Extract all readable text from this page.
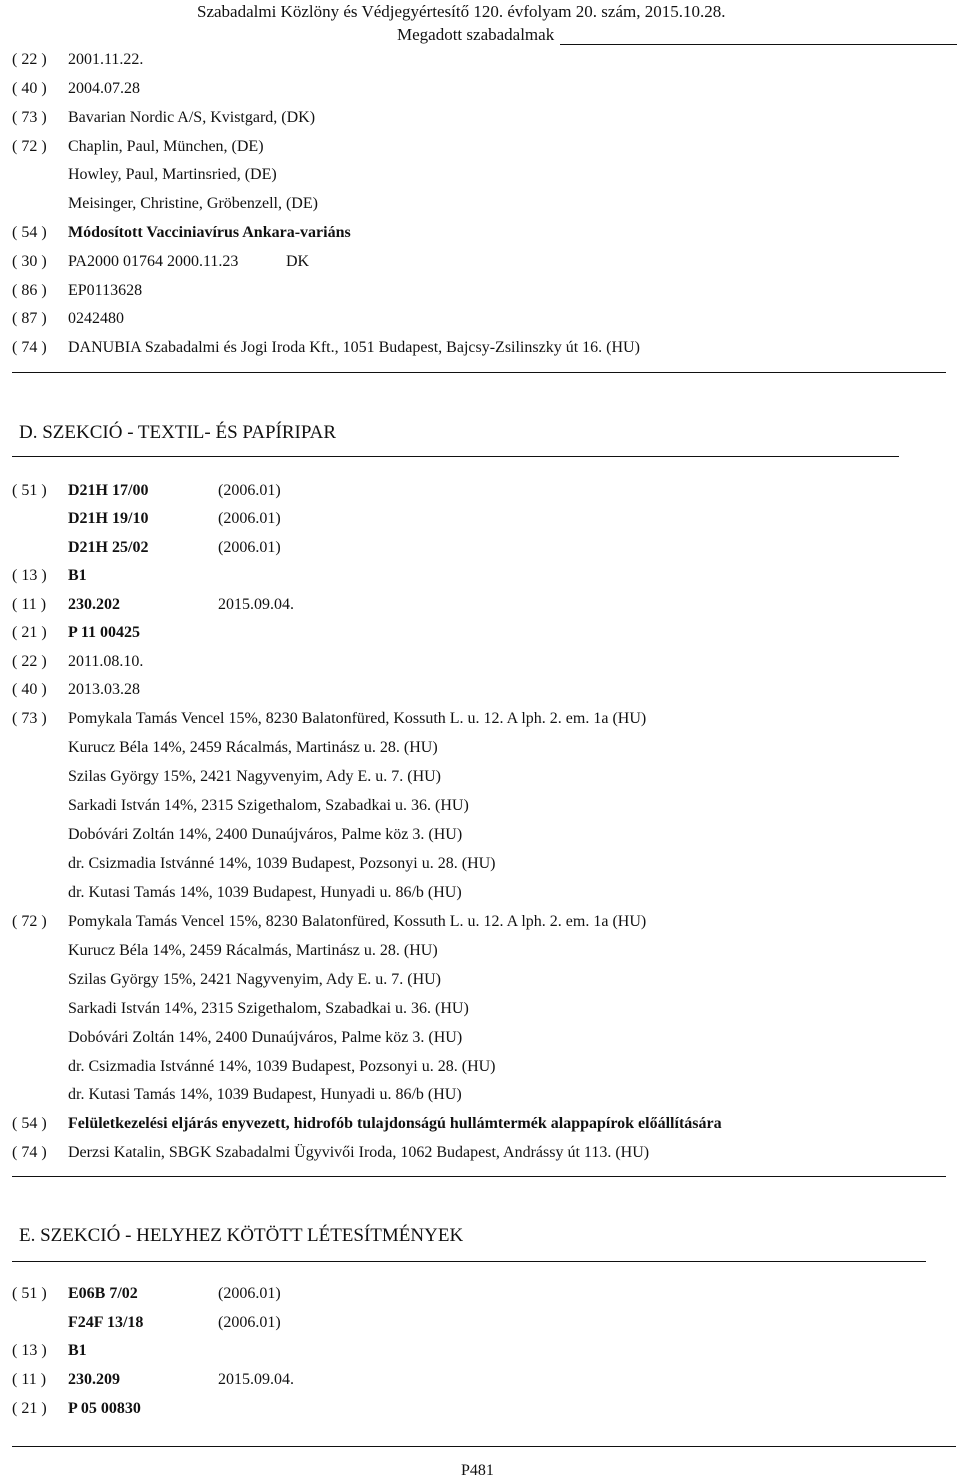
Szabadalmi Közlöny és Védjegyértesítő 120. évfolyam 20. szám, 2015.10.28.
Megadott szabadalmak
( 22 ) 2001.11.22.
( 40 ) 2004.07.28
( 73 ) Bavarian Nordic A/S, Kvistgard, (DK)
( 72 ) Chaplin, Paul, München, (DE)
Howley, Paul, Martinsried, (DE)
Meisinger, Christine, Gröbenzell, (DE)
( 54 ) Módosított Vacciniavírus Ankara-variáns
( 30 ) PA2000 01764 2000.11.23	DK
( 86 ) EP0113628
( 87 ) 0242480
( 74 ) DANUBIA Szabadalmi és Jogi Iroda Kft., 1051 Budapest, Bajcsy-Zsilinszky út 16. (HU)
D. SZEKCIÓ - TEXTIL- ÉS PAPÍRIPAR
( 51 ) D21H 17/00	(2006.01)
D21H 19/10	(2006.01)
D21H 25/02	(2006.01)
( 13 ) B1
( 11 ) 230.202	2015.09.04.
( 21 ) P 11 00425
( 22 ) 2011.08.10.
( 40 ) 2013.03.28
( 73 ) Pomykala Tamás Vencel 15%, 8230 Balatonfüred, Kossuth L. u. 12. A lph. 2. em. 1a (HU)
Kurucz Béla 14%, 2459 Rácalmás, Martinász u. 28. (HU)
Szilas György 15%, 2421 Nagyvenyim, Ady E. u. 7. (HU)
Sarkadi István 14%, 2315 Szigethalom, Szabadkai u. 36. (HU)
Dobóvári Zoltán 14%, 2400 Dunaújváros, Palme köz 3. (HU)
dr. Csizmadia Istvánné 14%, 1039 Budapest, Pozsonyi u. 28. (HU)
dr. Kutasi Tamás 14%, 1039 Budapest, Hunyadi u. 86/b (HU)
( 72 ) Pomykala Tamás Vencel 15%, 8230 Balatonfüred, Kossuth L. u. 12. A lph. 2. em. 1a (HU)
Kurucz Béla 14%, 2459 Rácalmás, Martinász u. 28. (HU)
Szilas György 15%, 2421 Nagyvenyim, Ady E. u. 7. (HU)
Sarkadi István 14%, 2315 Szigethalom, Szabadkai u. 36. (HU)
Dobóvári Zoltán 14%, 2400 Dunaújváros, Palme köz 3. (HU)
dr. Csizmadia Istvánné 14%, 1039 Budapest, Pozsonyi u. 28. (HU)
dr. Kutasi Tamás 14%, 1039 Budapest, Hunyadi u. 86/b (HU)
( 54 ) Felületkezelési eljárás enyvezett, hidrofób tulajdonságú hullámtermék alappapírok előállítására
( 74 ) Derzsi Katalin, SBGK Szabadalmi Ügyvivői Iroda, 1062 Budapest, Andrássy út 113. (HU)
E. SZEKCIÓ - HELYHEZ KÖTÖTT LÉTESÍTMÉNYEK
( 51 ) E06B 7/02	(2006.01)
F24F 13/18	(2006.01)
( 13 ) B1
( 11 ) 230.209	2015.09.04.
( 21 ) P 05 00830
P481
